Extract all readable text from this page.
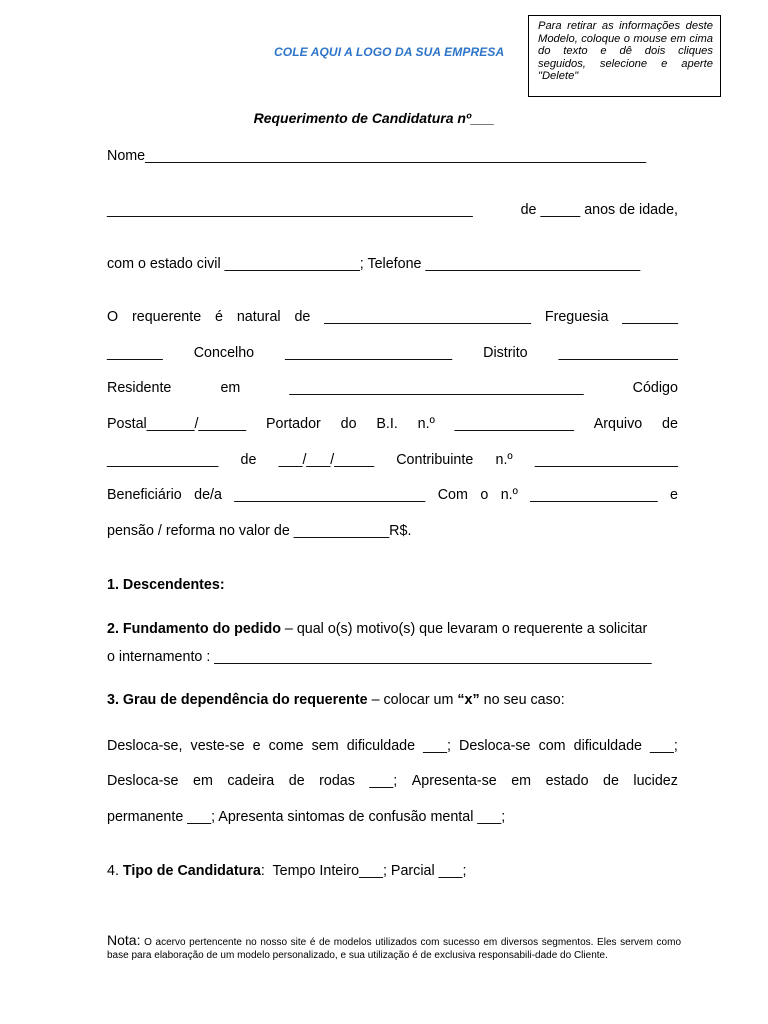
COLE AQUI A LOGO DA SUA EMPRESA
Para retirar as informações deste Modelo, coloque o mouse em cima do texto e dê dois cliques seguidos, selecione e aperte "Delete"
Requerimento de Candidatura nº___
Nome_______________________________________________________________
______________________________________________	de _____ anos de idade,
com o estado civil _________________; Telefone ___________________________
O requerente é natural de __________________________ Freguesia _______
_______ Concelho _____________________ Distrito _______________
Residente	em	_____________________________________	Código
Postal______/______ Portador do B.I. n.º _______________ Arquivo de
______________ de ___/___/_____ Contribuinte n.º __________________
Beneficiário de/a ________________________ Com o n.º ________________ e
pensão / reforma no valor de ____________R$.
1. Descendentes:
2. Fundamento do pedido – qual o(s) motivo(s) que levaram o requerente a solicitar
o internamento : _______________________________________________________
3. Grau de dependência do requerente – colocar um “x” no seu caso:
Desloca-se, veste-se e come sem dificuldade ___; Desloca-se com dificuldade ___;
Desloca-se em cadeira de rodas ___; Apresenta-se em estado de lucidez
permanente ___; Apresenta sintomas de confusão mental ___;
4. Tipo de Candidatura:  Tempo Inteiro___; Parcial ___;
Nota: O acervo pertencente no nosso site é de modelos utilizados com sucesso em diversos segmentos. Eles servem como base para elaboração de um modelo personalizado, e sua utilização é de exclusiva responsabili-dade do Cliente.
